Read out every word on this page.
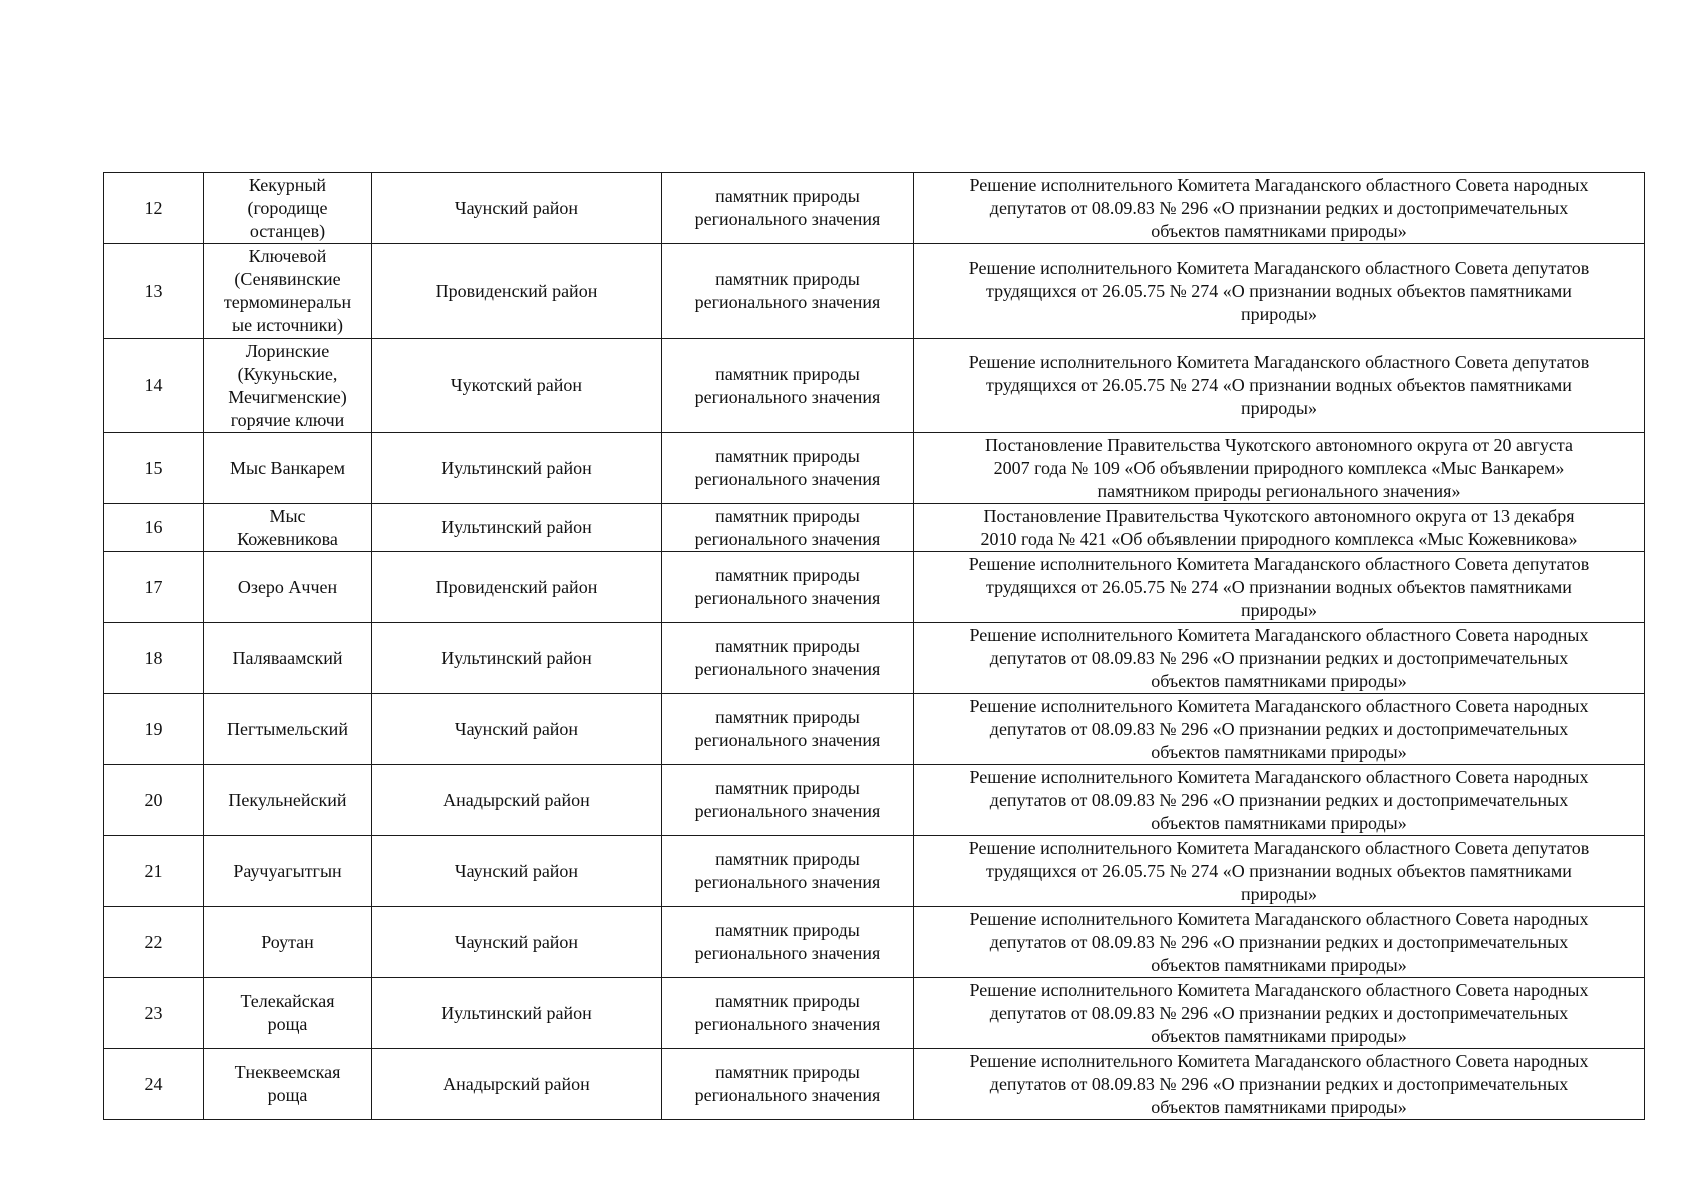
12	Кекурный
(городище
останцев)	Чаунский район	памятник природы
регионального значения	Решение исполнительного Комитета Магаданского областного Совета народных
депутатов от 08.09.83 № 296 «О признании редких и достопримечательных
объектов памятниками природы»

13	Ключевой
(Сенявинские
термоминеральн
ые источники)	Провиденский район	памятник природы
регионального значения	Решение исполнительного Комитета Магаданского областного Совета депутатов
трудящихся от 26.05.75 № 274 «О признании водных объектов памятниками
природы»

14	Лоринские
(Кукуньские,
Мечигменские)
горячие ключи	Чукотский район	памятник природы
регионального значения	Решение исполнительного Комитета Магаданского областного Совета депутатов
трудящихся от 26.05.75 № 274 «О признании водных объектов памятниками
природы»

15	Мыс Ванкарем	Иультинский район	памятник природы
регионального значения	Постановление Правительства Чукотского автономного округа от 20 августа
2007 года № 109 «Об объявлении природного комплекса «Мыс Ванкарем»
памятником природы регионального значения»

16	Мыс
Кожевникова	Иультинский район	памятник природы
регионального значения	Постановление Правительства Чукотского автономного округа от 13 декабря
2010 года № 421 «Об объявлении природного комплекса «Мыс Кожевникова»

17	Озеро Аччен	Провиденский район	памятник природы
регионального значения	Решение исполнительного Комитета Магаданского областного Совета депутатов
трудящихся от 26.05.75 № 274 «О признании водных объектов памятниками
природы»

18	Паляваамский	Иультинский район	памятник природы
регионального значения	Решение исполнительного Комитета Магаданского областного Совета народных
депутатов от 08.09.83 № 296 «О признании редких и достопримечательных
объектов памятниками природы»

19	Пегтымельский	Чаунский район	памятник природы
регионального значения	Решение исполнительного Комитета Магаданского областного Совета народных
депутатов от 08.09.83 № 296 «О признании редких и достопримечательных
объектов памятниками природы»

20	Пекульнейский	Анадырский район	памятник природы
регионального значения	Решение исполнительного Комитета Магаданского областного Совета народных
депутатов от 08.09.83 № 296 «О признании редких и достопримечательных
объектов памятниками природы»

21	Раучуагытгын	Чаунский район	памятник природы
регионального значения	Решение исполнительного Комитета Магаданского областного Совета депутатов
трудящихся от 26.05.75 № 274 «О признании водных объектов памятниками
природы»

22	Роутан	Чаунский район	памятник природы
регионального значения	Решение исполнительного Комитета Магаданского областного Совета народных
депутатов от 08.09.83 № 296 «О признании редких и достопримечательных
объектов памятниками природы»

23	Телекайская
роща	Иультинский район	памятник природы
регионального значения	Решение исполнительного Комитета Магаданского областного Совета народных
депутатов от 08.09.83 № 296 «О признании редких и достопримечательных
объектов памятниками природы»

24	Тнеквеемская
роща	Анадырский район	памятник природы
регионального значения	Решение исполнительного Комитета Магаданского областного Совета народных
депутатов от 08.09.83 № 296 «О признании редких и достопримечательных
объектов памятниками природы»
